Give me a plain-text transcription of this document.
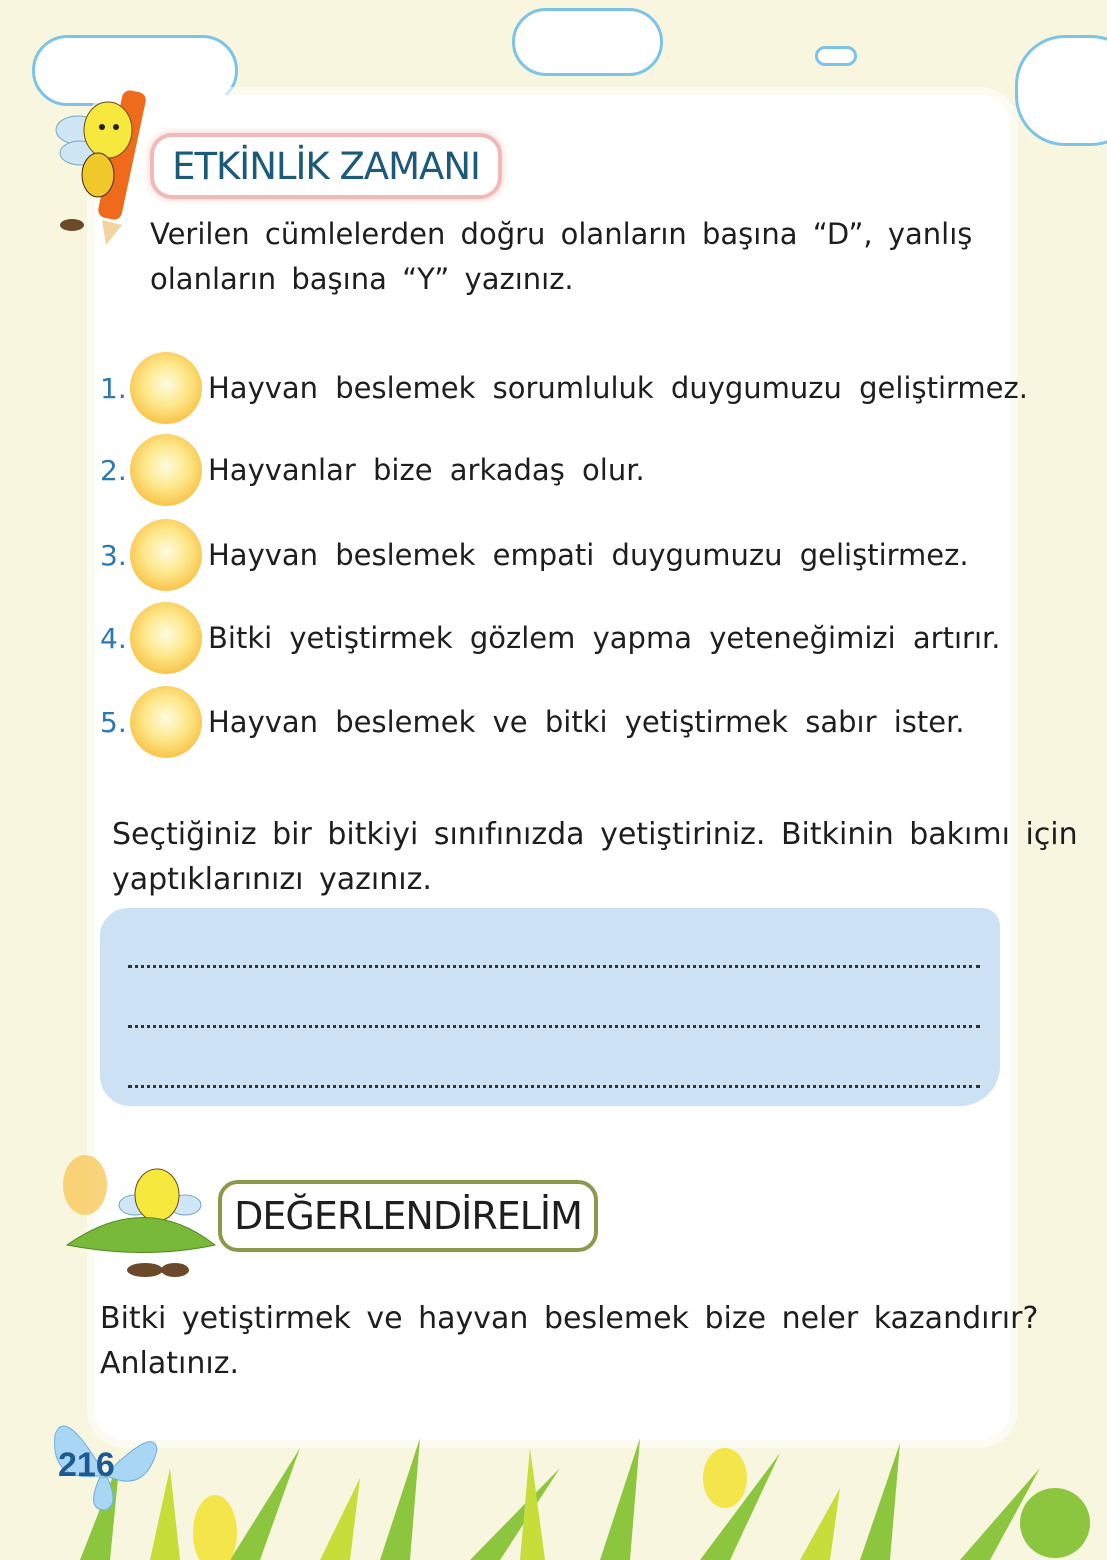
ETKİNLİK ZAMANI
Verilen cümlelerden doğru olanların başına “D”, yanlış
olanların başına “Y” yazınız.
1.	Hayvan beslemek sorumluluk duygumuzu geliştirmez.
2.	Hayvanlar bize arkadaş olur.
3.	Hayvan beslemek empati duygumuzu geliştirmez.
4.	Bitki yetiştirmek gözlem yapma yeteneğimizi artırır.
5.	Hayvan beslemek ve bitki yetiştirmek sabır ister.
Seçtiğiniz bir bitkiyi sınıfınızda yetiştiriniz. Bitkinin bakımı için
yaptıklarınızı yazınız.
DEĞERLENDİRELİM
Bitki yetiştirmek ve hayvan beslemek bize neler kazandırır?
Anlatınız.
216
